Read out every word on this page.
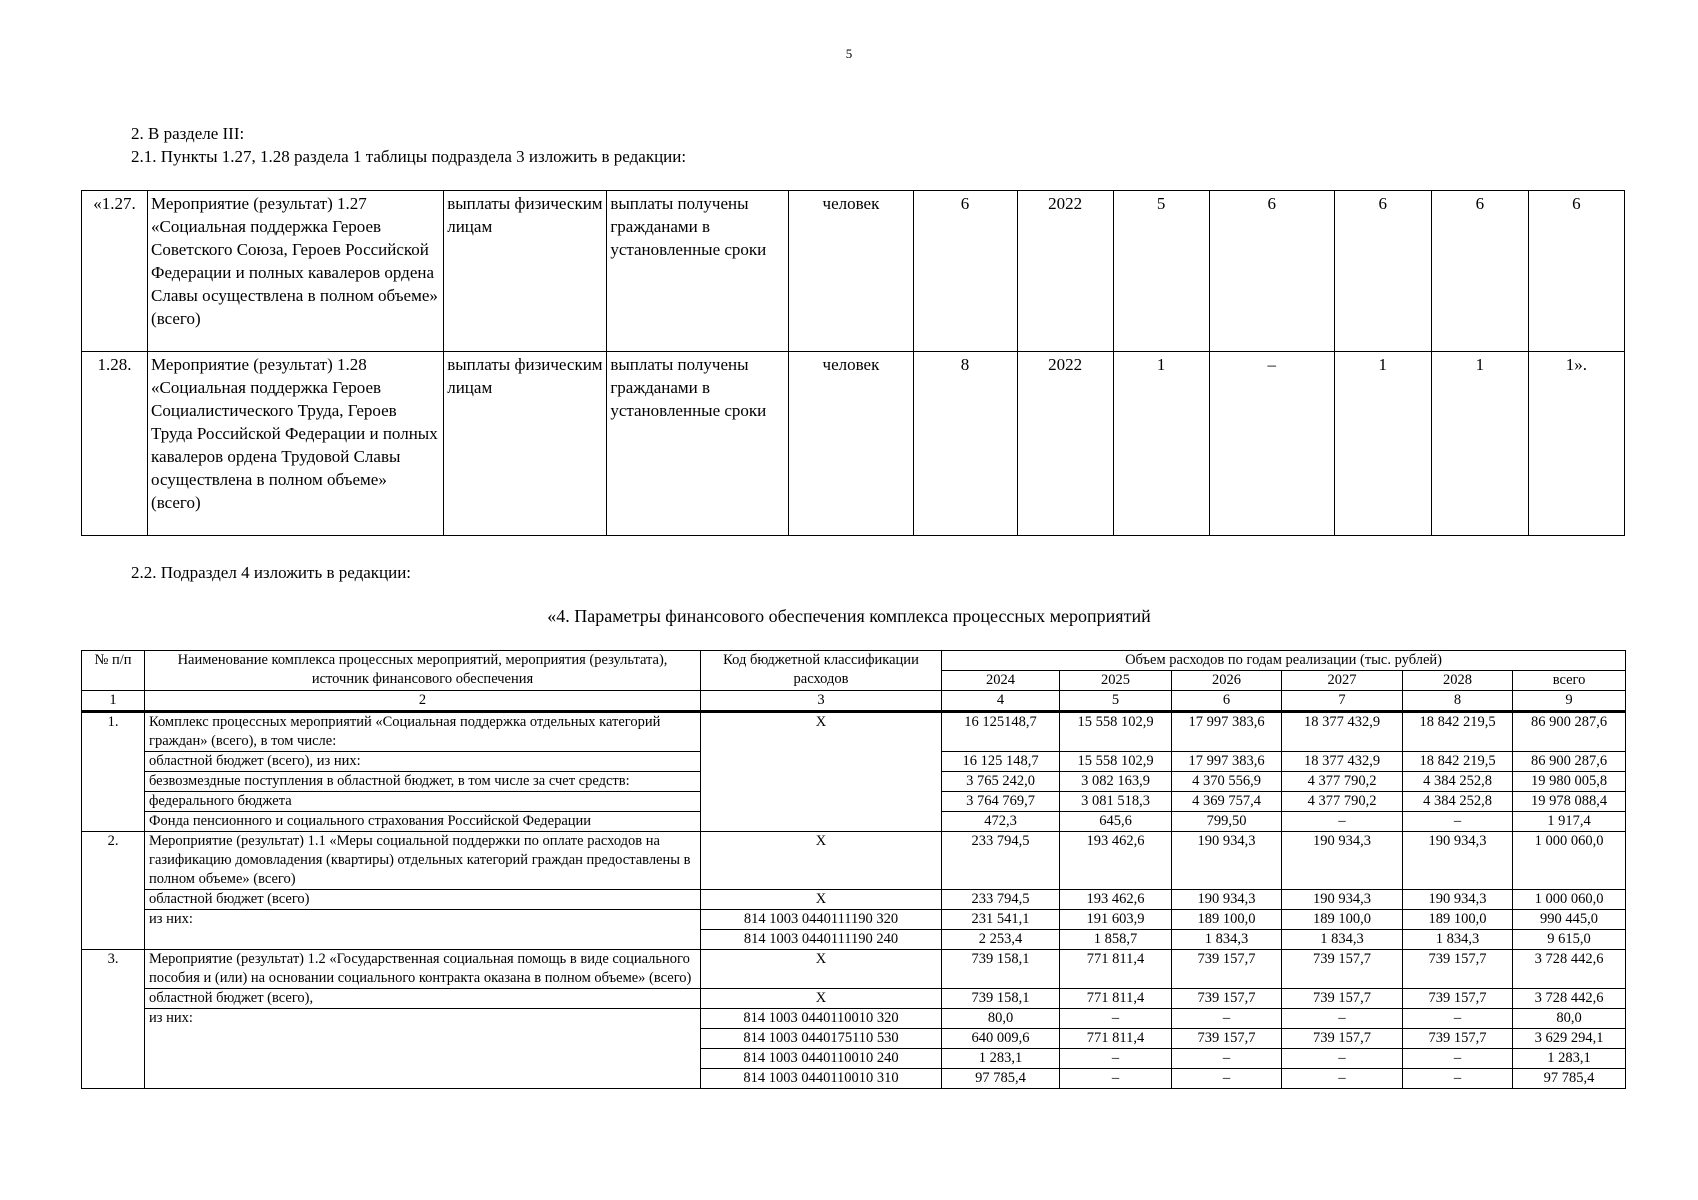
5
2. В разделе III:
2.1. Пункты 1.27, 1.28 раздела 1 таблицы подраздела 3 изложить в редакции:
«1.27.	Мероприятие (результат) 1.27 «Социальная поддержка Героев Советского Союза, Героев Российской Федерации и полных кавалеров ордена Славы осуществлена в полном объеме» (всего)	выплаты физическим лицам	выплаты получены гражданами в установленные сроки	человек	6	2022	5	6	6	6	6
1.28.	Мероприятие (результат) 1.28 «Социальная поддержка Героев Социалистического Труда, Героев Труда Российской Федерации и полных кавалеров ордена Трудовой Славы осуществлена в полном объеме» (всего)	выплаты физическим лицам	выплаты получены гражданами в установленные сроки	человек	8	2022	1	–	1	1	1».
2.2. Подраздел 4 изложить в редакции:
«4. Параметры финансового обеспечения комплекса процессных мероприятий
№ п/п	Наименование комплекса процессных мероприятий, мероприятия (результата), источник финансового обеспечения	Код бюджетной классификации расходов	Объем расходов по годам реализации (тыс. рублей)					
			2024	2025	2026	2027	2028	всего
1	2	3	4	5	6	7	8	9
1.	Комплекс процессных мероприятий «Социальная поддержка отдельных категорий граждан» (всего), в том числе:	Х	16 125148,7	15 558 102,9	17 997 383,6	18 377 432,9	18 842 219,5	86 900 287,6
	областной бюджет (всего), из них:		16 125 148,7	15 558 102,9	17 997 383,6	18 377 432,9	18 842 219,5	86 900 287,6
	безвозмездные поступления в областной бюджет, в том числе за счет средств:		3 765 242,0	3 082 163,9	4 370 556,9	4 377 790,2	4 384 252,8	19 980 005,8
	федерального бюджета		3 764 769,7	3 081 518,3	4 369 757,4	4 377 790,2	4 384 252,8	19 978 088,4
	Фонда пенсионного и социального страхования Российской Федерации		472,3	645,6	799,50	–	–	1 917,4
2.	Мероприятие (результат) 1.1 «Меры социальной поддержки по оплате расходов на газификацию домовладения (квартиры) отдельных категорий граждан предоставлены в полном объеме» (всего)	Х	233 794,5	193 462,6	190 934,3	190 934,3	190 934,3	1 000 060,0
	областной бюджет (всего)	Х	233 794,5	193 462,6	190 934,3	190 934,3	190 934,3	1 000 060,0
	из них:	814 1003 0440111190 320	231 541,1	191 603,9	189 100,0	189 100,0	189 100,0	990 445,0
		814 1003 0440111190 240	2 253,4	1 858,7	1 834,3	1 834,3	1 834,3	9 615,0
3.	Мероприятие (результат) 1.2 «Государственная социальная помощь в виде социального пособия и (или) на основании социального контракта оказана в полном объеме» (всего)	Х	739 158,1	771 811,4	739 157,7	739 157,7	739 157,7	3 728 442,6
	областной бюджет (всего),	Х	739 158,1	771 811,4	739 157,7	739 157,7	739 157,7	3 728 442,6
	из них:	814 1003 0440110010 320	80,0	–	–	–	–	80,0
		814 1003 0440175110 530	640 009,6	771 811,4	739 157,7	739 157,7	739 157,7	3 629 294,1
		814 1003 0440110010 240	1 283,1	–	–	–	–	1 283,1
		814 1003 0440110010 310	97 785,4	–	–	–	–	97 785,4
